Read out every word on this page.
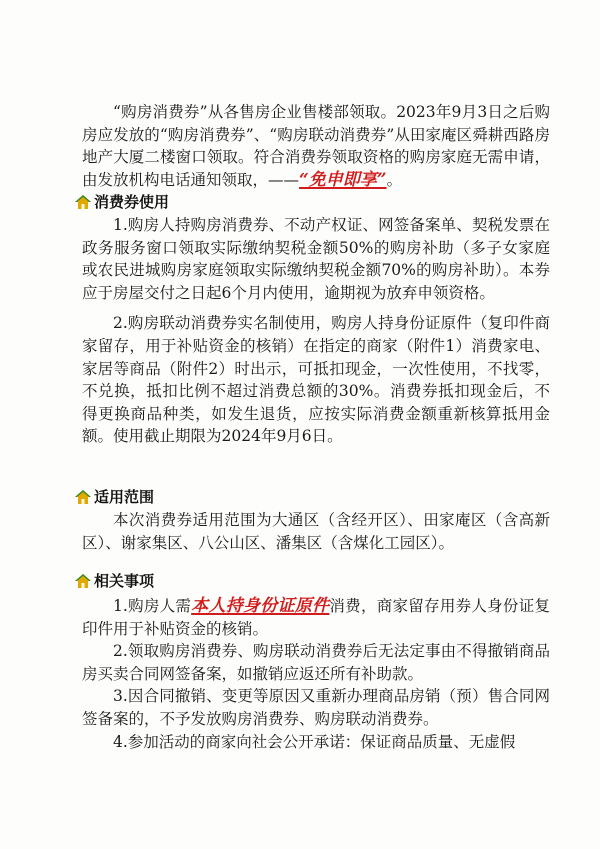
“购房消费券”从各售房企业售楼部领取。2023年9月3日之后购房应发放的“购房消费券”、“购房联动消费券”从田家庵区舜耕西路房地产大厦二楼窗口领取。符合消费券领取资格的购房家庭无需申请，由发放机构电话通知领取，——“免申即享”。

消费券使用

1.购房人持购房消费券、不动产权证、网签备案单、契税发票在政务服务窗口领取实际缴纳契税金额50%的购房补助（多子女家庭或农民进城购房家庭领取实际缴纳契税金额70%的购房补助）。本券应于房屋交付之日起6个月内使用，逾期视为放弃申领资格。

2.购房联动消费券实名制使用，购房人持身份证原件（复印件商家留存，用于补贴资金的核销）在指定的商家（附件1）消费家电、家居等商品（附件2）时出示，可抵扣现金，一次性使用，不找零，不兑换，抵扣比例不超过消费总额的30%。消费券抵扣现金后，不得更换商品种类，如发生退货，应按实际消费金额重新核算抵用金额。使用截止期限为2024年9月6日。

适用范围

本次消费券适用范围为大通区（含经开区）、田家庵区（含高新区）、谢家集区、八公山区、潘集区（含煤化工园区）。

相关事项

1.购房人需本人持身份证原件消费，商家留存用券人身份证复印件用于补贴资金的核销。

2.领取购房消费券、购房联动消费券后无法定事由不得撤销商品房买卖合同网签备案，如撤销应返还所有补助款。

3.因合同撤销、变更等原因又重新办理商品房销（预）售合同网签备案的，不予发放购房消费券、购房联动消费券。

4.参加活动的商家向社会公开承诺：保证商品质量、无虚假
